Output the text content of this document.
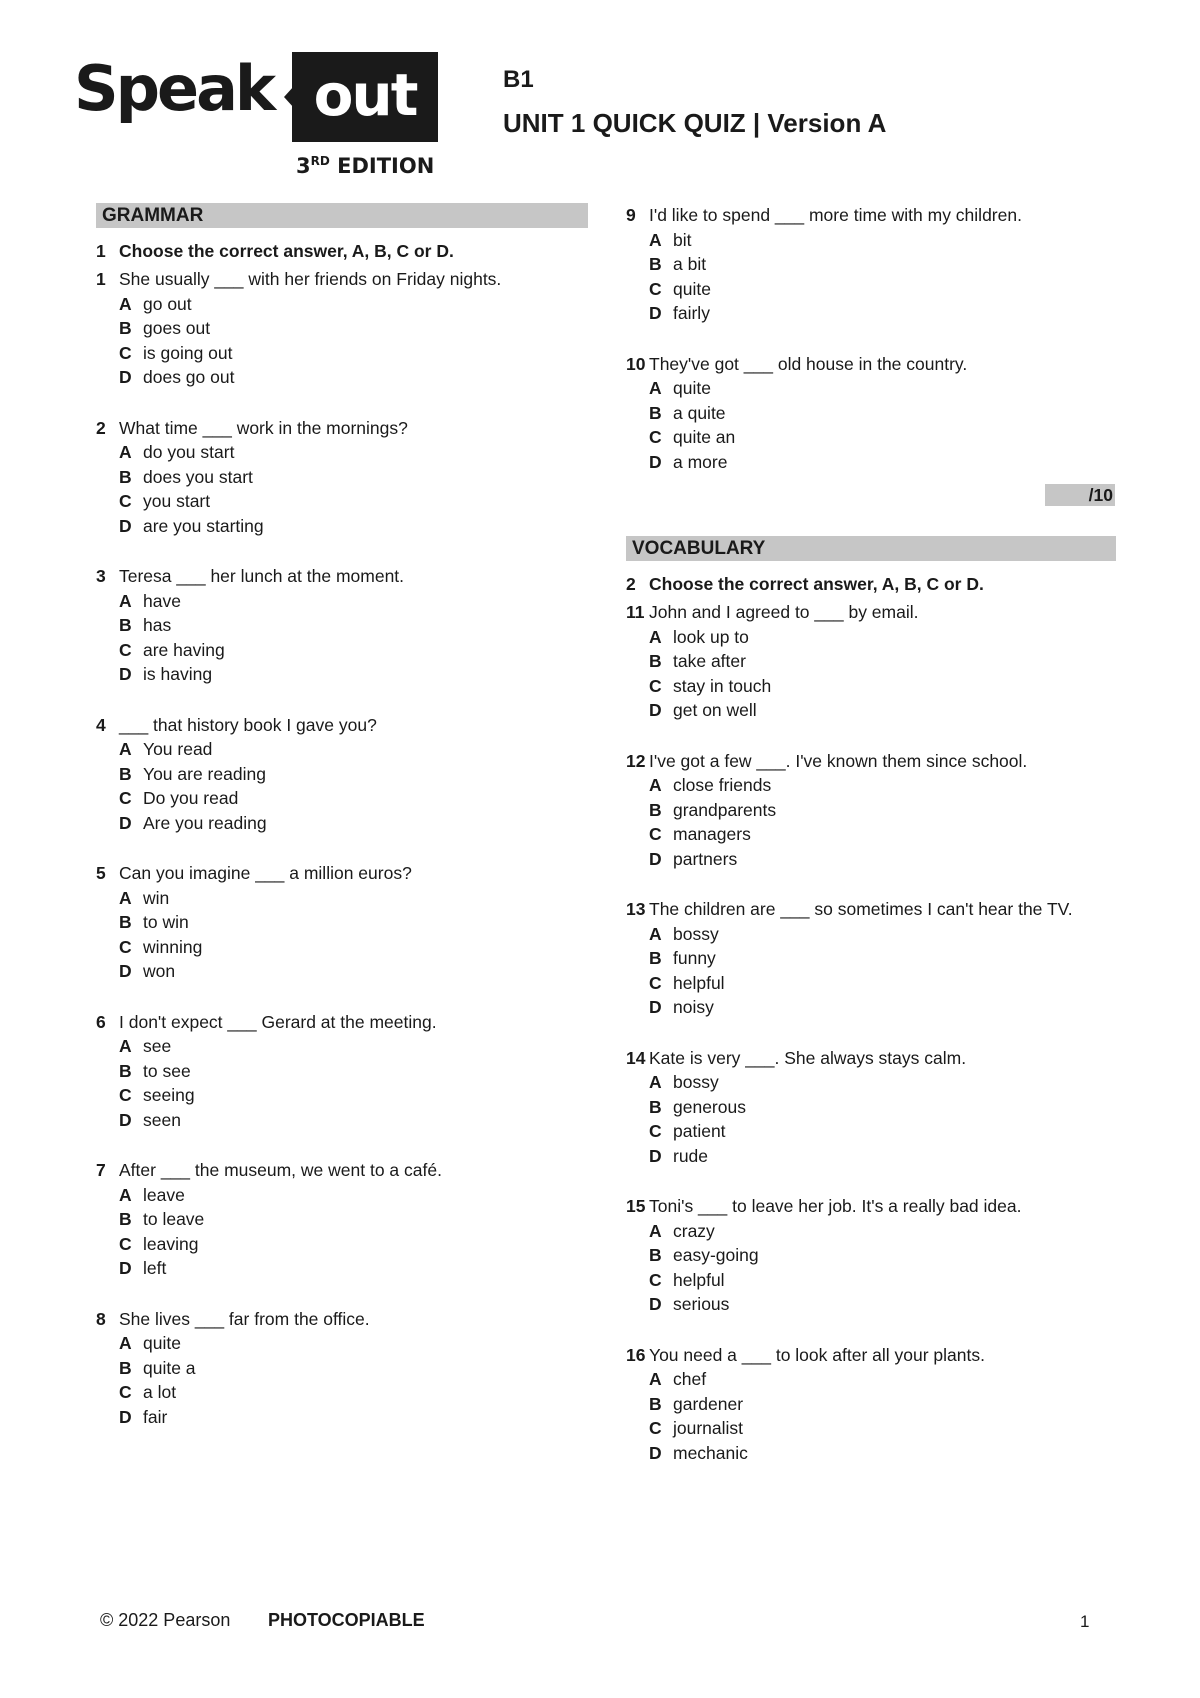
Speak out
3RD EDITION
B1
UNIT 1 QUICK QUIZ | Version A
GRAMMAR
1 Choose the correct answer, A, B, C or D.
1 She usually ___ with her friends on Friday nights.
A go out
B goes out
C is going out
D does go out
2 What time ___ work in the mornings?
A do you start
B does you start
C you start
D are you starting
3 Teresa ___ her lunch at the moment.
A have
B has
C are having
D is having
4 ___ that history book I gave you?
A You read
B You are reading
C Do you read
D Are you reading
5 Can you imagine ___ a million euros?
A win
B to win
C winning
D won
6 I don't expect ___ Gerard at the meeting.
A see
B to see
C seeing
D seen
7 After ___ the museum, we went to a café.
A leave
B to leave
C leaving
D left
8 She lives ___ far from the office.
A quite
B quite a
C a lot
D fair
9 I'd like to spend ___ more time with my children.
A bit
B a bit
C quite
D fairly
10 They've got ___ old house in the country.
A quite
B a quite
C quite an
D a more
/10
VOCABULARY
2 Choose the correct answer, A, B, C or D.
11 John and I agreed to ___ by email.
A look up to
B take after
C stay in touch
D get on well
12 I've got a few ___. I've known them since school.
A close friends
B grandparents
C managers
D partners
13 The children are ___ so sometimes I can't hear the TV.
A bossy
B funny
C helpful
D noisy
14 Kate is very ___. She always stays calm.
A bossy
B generous
C patient
D rude
15 Toni's ___ to leave her job. It's a really bad idea.
A crazy
B easy-going
C helpful
D serious
16 You need a ___ to look after all your plants.
A chef
B gardener
C journalist
D mechanic
© 2022 Pearson PHOTOCOPIABLE	1
